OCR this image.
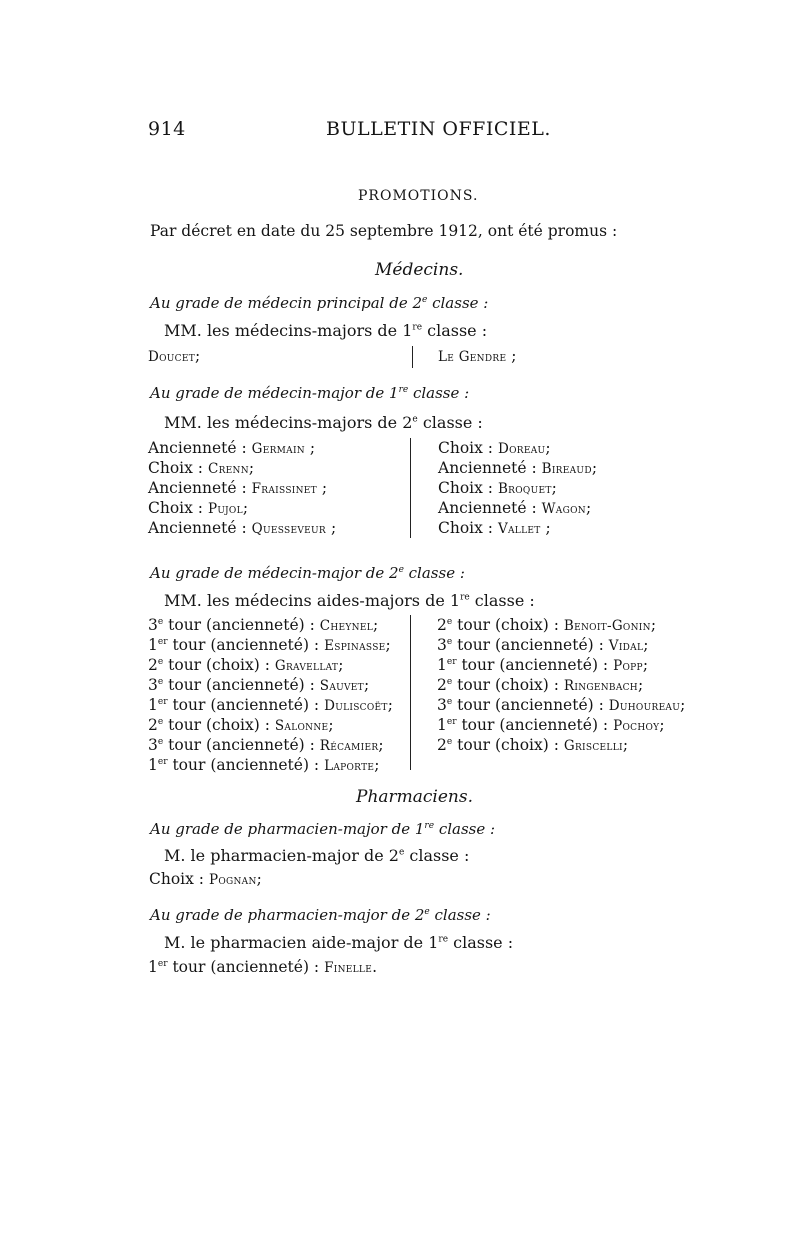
914	BULLETIN OFFICIEL.
PROMOTIONS.
Par décret en date du 25 septembre 1912, ont été promus :
Médecins.
Au grade de médecin principal de 2e classe :
MM. les médecins-majors de 1re classe :
Doucet;	Le Gendre ;
Au grade de médecin-major de 1re classe :
MM. les médecins-majors de 2e classe :
Ancienneté : Germain ;
Choix : Crenn;
Ancienneté : Fraissinet ;
Choix : Pujol;
Ancienneté : Quesseveur ;
Choix : Doreau;
Ancienneté : Bireaud;
Choix : Broquet;
Ancienneté : Wagon;
Choix : Vallet ;
Au grade de médecin-major de 2e classe :
MM. les médecins aides-majors de 1re classe :
3e tour (ancienneté) : Cheynel;
1er tour (ancienneté) : Espinasse;
2e tour (choix) : Gravellat;
3e tour (ancienneté) : Sauvet;
1er tour (ancienneté) : Duliscoët;
2e tour (choix) : Salonne;
3e tour (ancienneté) : Récamier;
1er tour (ancienneté) : Laporte;
2e tour (choix) : Benoit-Gonin;
3e tour (ancienneté) : Vidal;
1er tour (ancienneté) : Popp;
2e tour (choix) : Ringenbach;
3e tour (ancienneté) : Duhoureau;
1er tour (ancienneté) : Pochoy;
2e tour (choix) : Griscelli;
Pharmaciens.
Au grade de pharmacien-major de 1re classe :
M. le pharmacien-major de 2e classe :
Choix : Pognan;
Au grade de pharmacien-major de 2e classe :
M. le pharmacien aide-major de 1re classe :
1er tour (ancienneté) : Finelle.
